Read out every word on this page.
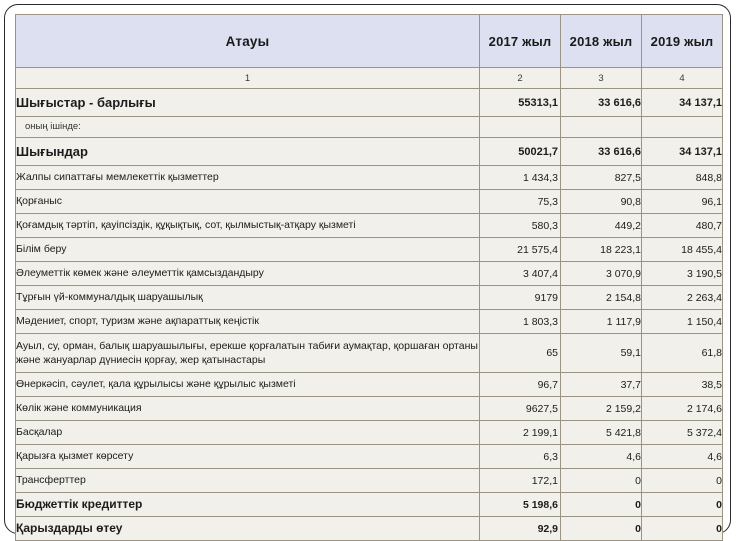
Атауы	2017 жыл	2018 жыл	2019 жыл
1	2	3	4
Шығыстар - барлығы	55313,1	33 616,6	34 137,1
оның ішінде:			
Шығындар	50021,7	33 616,6	34 137,1
Жалпы сипаттағы мемлекеттік қызметтер	1 434,3	827,5	848,8
Қорғаныс	75,3	90,8	96,1
Қоғамдық тәртіп, қауіпсіздік, құқықтық, сот, қылмыстық-атқару қызметі	580,3	449,2	480,7
Білім беру	21 575,4	18 223,1	18 455,4
Әлеуметтік көмек және әлеуметтік қамсыздандыру	3 407,4	3 070,9	3 190,5
Тұрғын үй-коммуналдық шаруашылық	9179	2 154,8	2 263,4
Мәдениет, спорт, туризм және ақпараттық кеңістік	1 803,3	1 117,9	1 150,4
Ауыл, су, орман, балық шаруашылығы, ерекше қорғалатын табиғи аумақтар, қоршаған ортаны және жануарлар дүниесін қорғау, жер қатынастары	65	59,1	61,8
Өнеркәсіп, сәулет, қала құрылысы және құрылыс қызметі	96,7	37,7	38,5
Көлік және коммуникация	9627,5	2 159,2	2 174,6
Басқалар	2 199,1	5 421,8	5 372,4
Қарызға қызмет көрсету	6,3	4,6	4,6
Трансферттер	172,1	0	0
Бюджеттік кредиттер	5 198,6	0	0
Қарыздарды өтеу	92,9	0	0
